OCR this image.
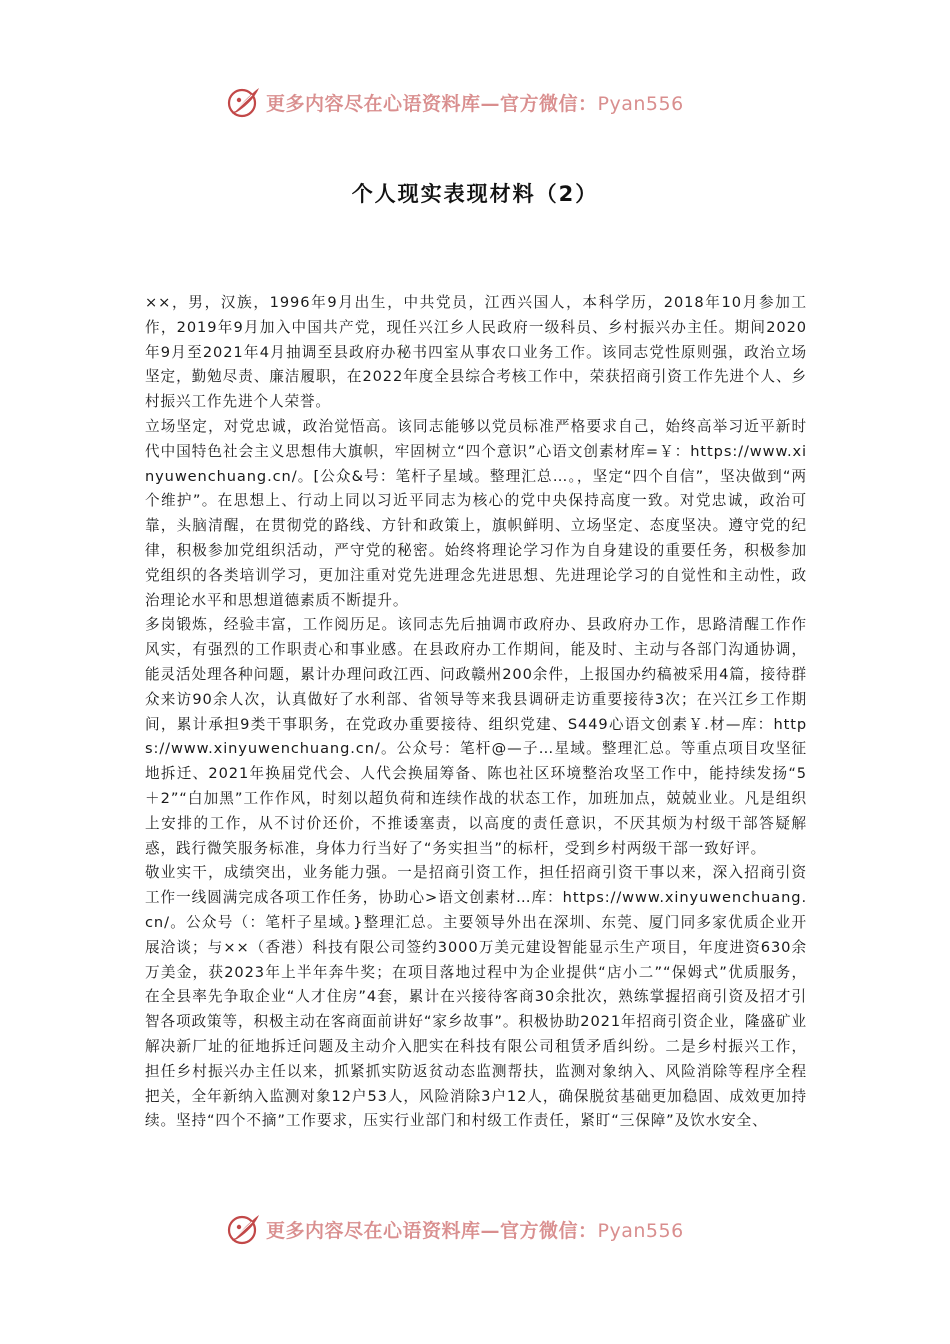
更多内容尽在心语资料库—官方微信：Pyan556
个人现实表现材料（2）

××，男，汉族，1996年9月出生，中共党员，江西兴国人，本科学历，2018年10月参加工作，2019年9月加入中国共产党，现任兴江乡人民政府一级科员、乡村振兴办主任。期间2020年9月至2021年4月抽调至县政府办秘书四室从事农口业务工作。该同志党性原则强，政治立场坚定，勤勉尽责、廉洁履职，在2022年度全县综合考核工作中，荣获招商引资工作先进个人、乡村振兴工作先进个人荣誉。

立场坚定，对党忠诚，政治觉悟高。该同志能够以党员标准严格要求自己，始终高举习近平新时代中国特色社会主义思想伟大旗帜，牢固树立“四个意识”心语文创素材库=￥：https://www.xinyuwenchuang.cn/。[公众&号：笔杆子星域。整理汇总…。，坚定“四个自信”，坚决做到“两个维护”。在思想上、行动上同以习近平同志为核心的党中央保持高度一致。对党忠诚，政治可靠，头脑清醒，在贯彻党的路线、方针和政策上，旗帜鲜明、立场坚定、态度坚决。遵守党的纪律，积极参加党组织活动，严守党的秘密。始终将理论学习作为自身建设的重要任务，积极参加党组织的各类培训学习，更加注重对党先进理念先进思想、先进理论学习的自觉性和主动性，政治理论水平和思想道德素质不断提升。

多岗锻炼，经验丰富，工作阅历足。该同志先后抽调市政府办、县政府办工作，思路清醒工作作风实，有强烈的工作职责心和事业感。在县政府办工作期间，能及时、主动与各部门沟通协调，能灵活处理各种问题，累计办理问政江西、问政赣州200余件，上报国办约稿被采用4篇，接待群众来访90余人次，认真做好了水利部、省领导等来我县调研走访重要接待3次；在兴江乡工作期间，累计承担9类干事职务，在党政办重要接待、组织党建、S449心语文创素￥.材—库：https://www.xinyuwenchuang.cn/。公众号：笔杆@—子…星域。整理汇总。等重点项目攻坚征地拆迁、2021年换届党代会、人代会换届筹备、陈也社区环境整治攻坚工作中，能持续发扬“5＋2”“白加黑”工作作风，时刻以超负荷和连续作战的状态工作，加班加点，兢兢业业。凡是组织上安排的工作，从不讨价还价，不推诿塞责，以高度的责任意识，不厌其烦为村级干部答疑解惑，践行微笑服务标准，身体力行当好了“务实担当”的标杆，受到乡村两级干部一致好评。

敬业实干，成绩突出，业务能力强。一是招商引资工作，担任招商引资干事以来，深入招商引资工作一线圆满完成各项工作任务，协助心>语文创素材…库：https://www.xinyuwenchuang.cn/。公众号（：笔杆子星域。}整理汇总。主要领导外出在深圳、东莞、厦门同多家优质企业开展洽谈；与××（香港）科技有限公司签约3000万美元建设智能显示生产项目，年度进资630余万美金，获2023年上半年奔牛奖；在项目落地过程中为企业提供“店小二”“保姆式”优质服务，在全县率先争取企业“人才住房”4套，累计在兴接待客商30余批次，熟练掌握招商引资及招才引智各项政策等，积极主动在客商面前讲好“家乡故事”。积极协助2021年招商引资企业，隆盛矿业解决新厂址的征地拆迁问题及主动介入肥实在科技有限公司租赁矛盾纠纷。二是乡村振兴工作，担任乡村振兴办主任以来，抓紧抓实防返贫动态监测帮扶，监测对象纳入、风险消除等程序全程把关，全年新纳入监测对象12户53人，风险消除3户12人，确保脱贫基础更加稳固、成效更加持续。坚持“四个不摘”工作要求，压实行业部门和村级工作责任，紧盯“三保障”及饮水安全、

更多内容尽在心语资料库—官方微信：Pyan556
